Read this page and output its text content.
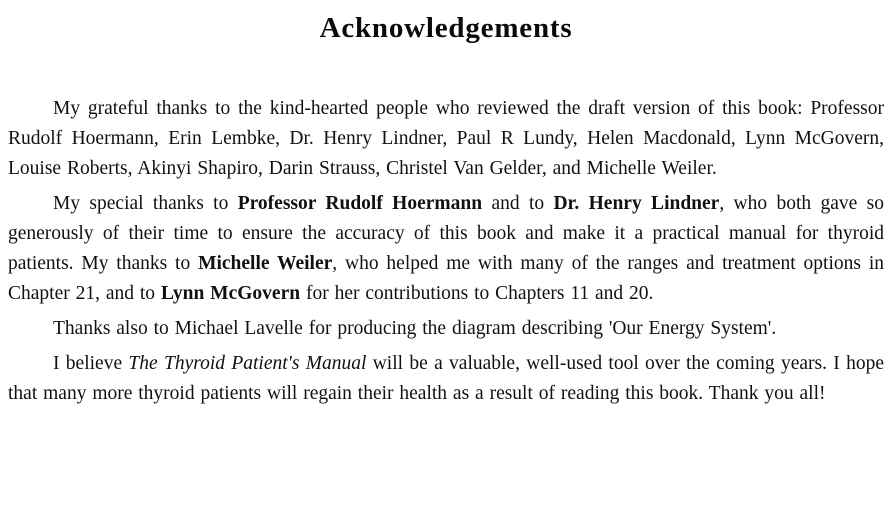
Acknowledgements

My grateful thanks to the kind-hearted people who reviewed the draft version of this book: Professor Rudolf Hoermann, Erin Lembke, Dr. Henry Lindner, Paul R Lundy, Helen Macdonald, Lynn McGovern, Louise Roberts, Akinyi Shapiro, Darin Strauss, Christel Van Gelder, and Michelle Weiler.

My special thanks to Professor Rudolf Hoermann and to Dr. Henry Lindner, who both gave so generously of their time to ensure the accuracy of this book and make it a practical manual for thyroid patients. My thanks to Michelle Weiler, who helped me with many of the ranges and treatment options in Chapter 21, and to Lynn McGovern for her contributions to Chapters 11 and 20.

Thanks also to Michael Lavelle for producing the diagram describing 'Our Energy System'.

I believe The Thyroid Patient's Manual will be a valuable, well-used tool over the coming years. I hope that many more thyroid patients will regain their health as a result of reading this book. Thank you all!
